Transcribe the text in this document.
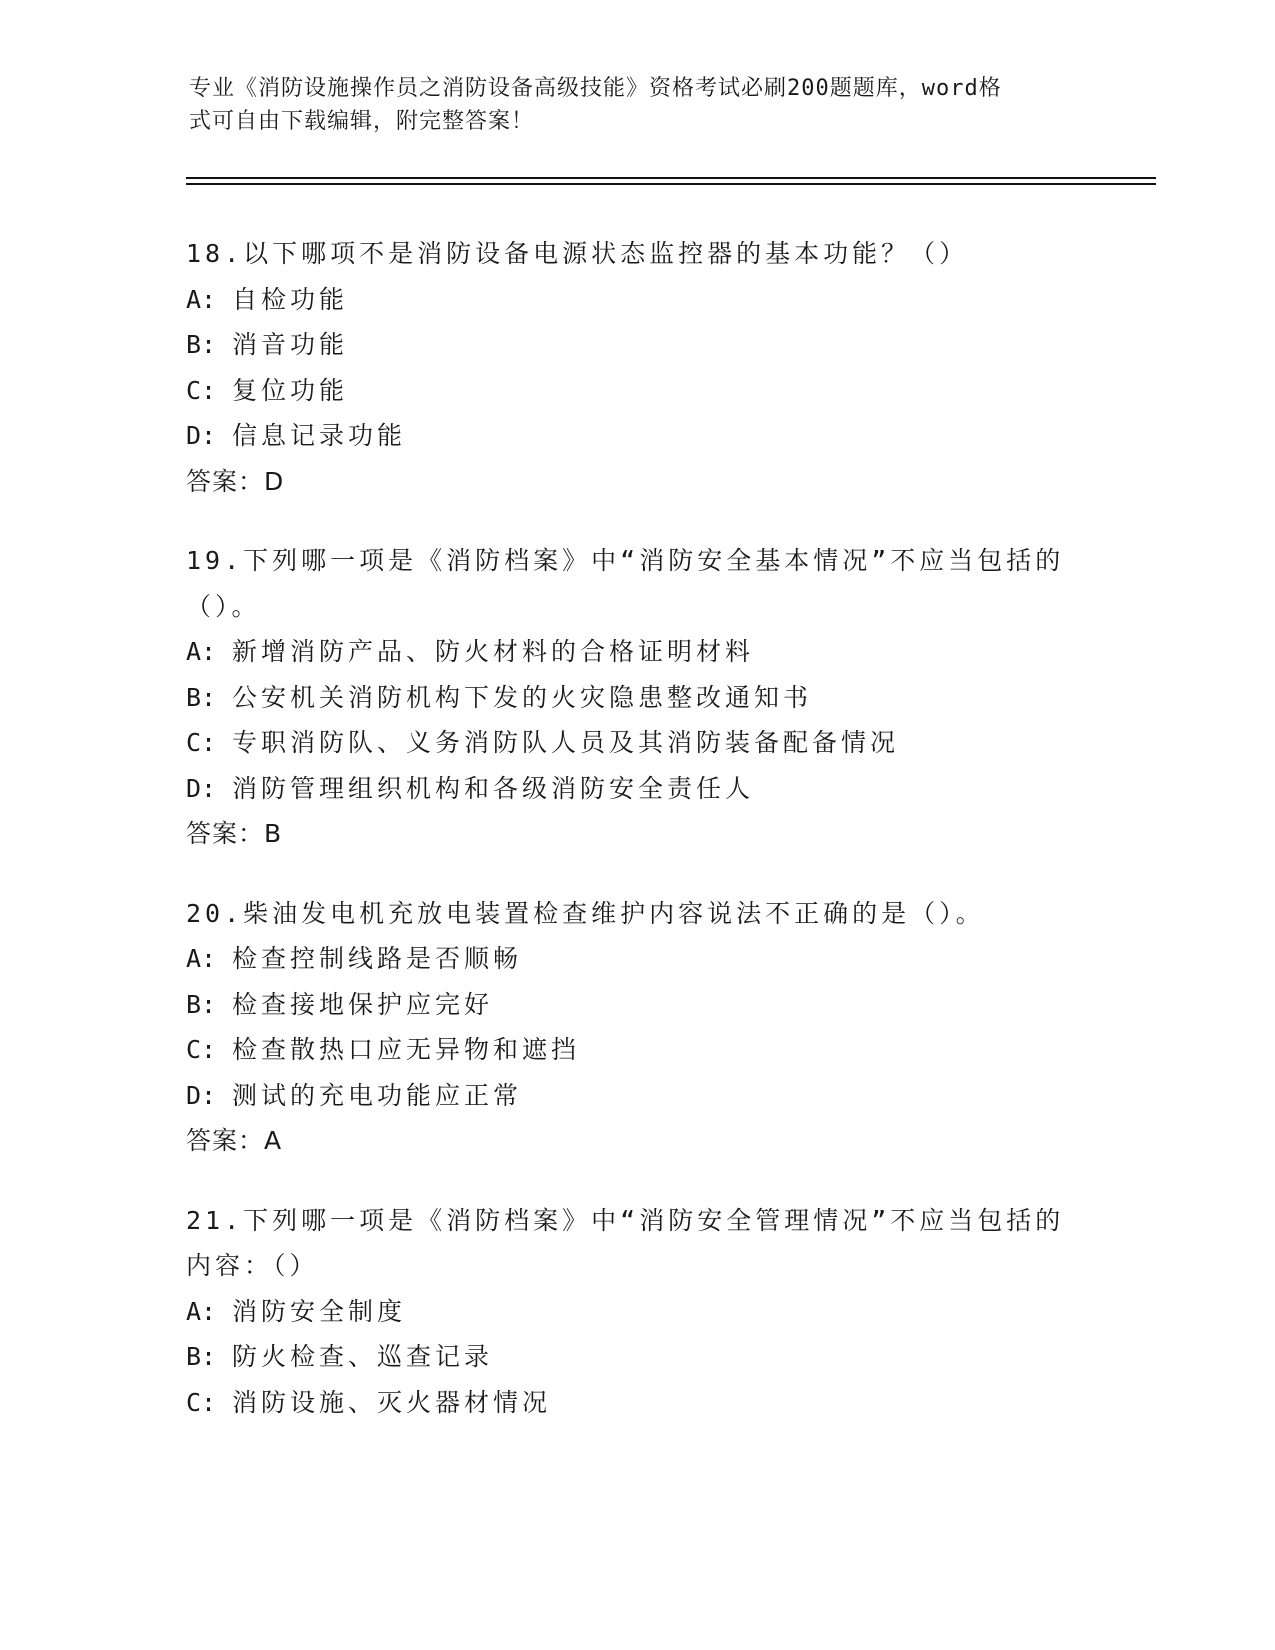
专业《消防设施操作员之消防设备高级技能》资格考试必刷200题题库，word格
式可自由下载编辑，附完整答案！
18.以下哪项不是消防设备电源状态监控器的基本功能？（）
A: 自检功能
B: 消音功能
C: 复位功能
D: 信息记录功能
答案：D
19.下列哪一项是《消防档案》中“消防安全基本情况”不应当包括的
（）。
A: 新增消防产品、防火材料的合格证明材料
B: 公安机关消防机构下发的火灾隐患整改通知书
C: 专职消防队、义务消防队人员及其消防装备配备情况
D: 消防管理组织机构和各级消防安全责任人
答案：B
20.柴油发电机充放电装置检查维护内容说法不正确的是（）。
A: 检查控制线路是否顺畅
B: 检查接地保护应完好
C: 检查散热口应无异物和遮挡
D: 测试的充电功能应正常
答案：A
21.下列哪一项是《消防档案》中“消防安全管理情况”不应当包括的
内容：（）
A: 消防安全制度
B: 防火检查、巡查记录
C: 消防设施、灭火器材情况
